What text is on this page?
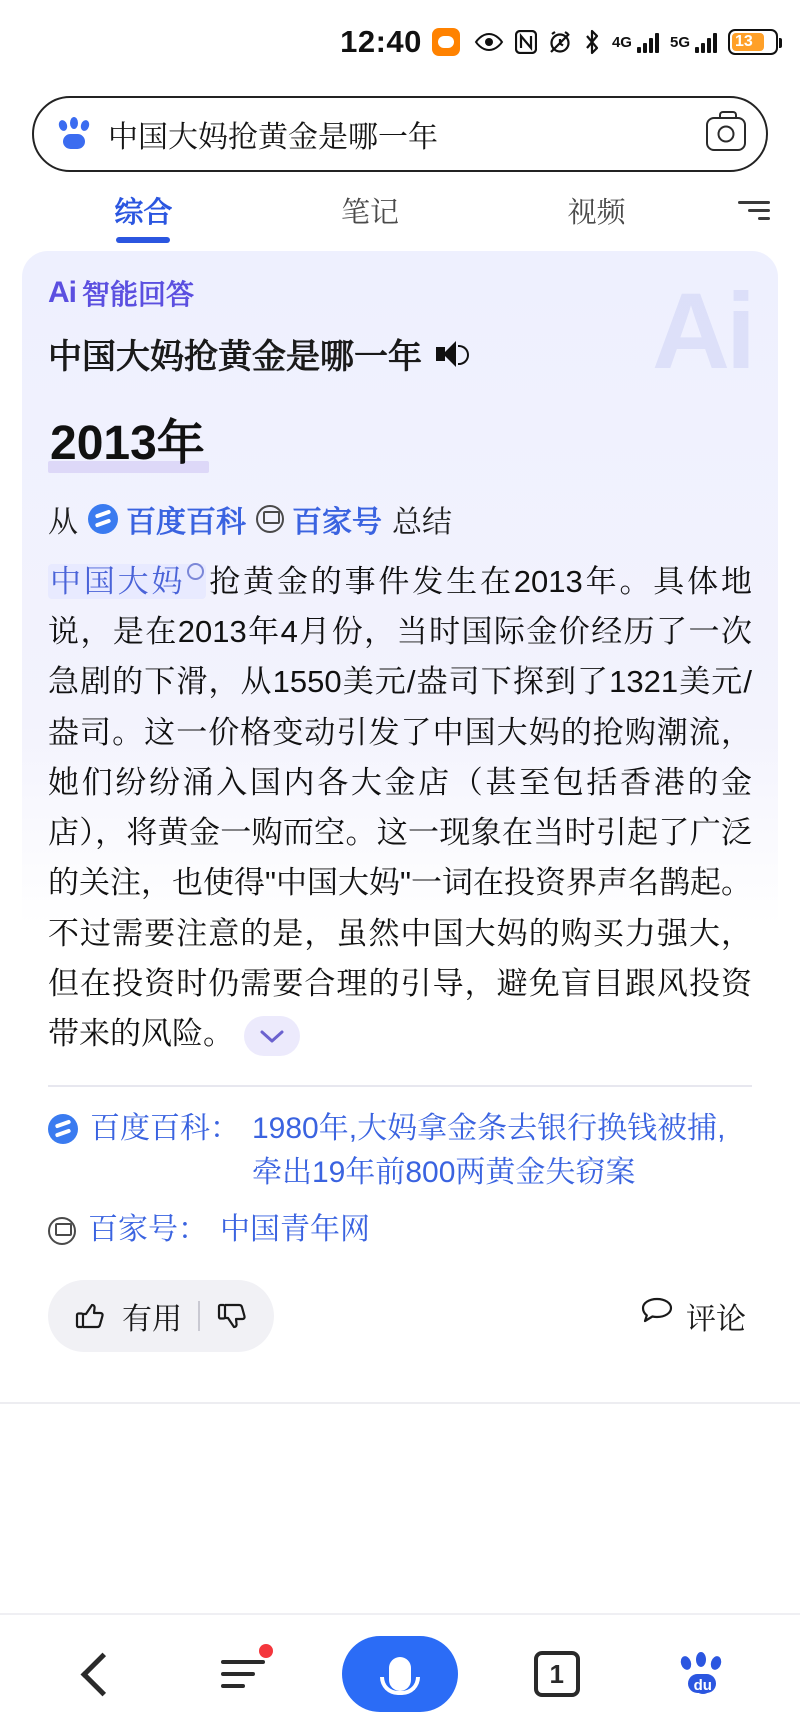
12:40	4G	5G	13
中国大妈抢黄金是哪一年
综合	笔记	视频
Ai
Ai 智能回答
中国大妈抢黄金是哪一年
2013年
从 百度百科 百家号 总结
中国大妈 抢黄金的事件发生在2013年。具体地说，是在2013年4月份，当时国际金价经历了一次急剧的下滑，从1550美元/盎司下探到了1321美元/盎司。这一价格变动引发了中国大妈的抢购潮流，她们纷纷涌入国内各大金店（甚至包括香港的金店），将黄金一购而空。这一现象在当时引起了广泛的关注，也使得"中国大妈"一词在投资界声名鹊起。不过需要注意的是，虽然中国大妈的购买力强大，但在投资时仍需要合理的引导，避免盲目跟风投资带来的风险。
百度百科： 1980年,大妈拿金条去银行换钱被捕,牵出19年前800两黄金失窃案
百家号： 中国青年网
有用	评论
1	du
